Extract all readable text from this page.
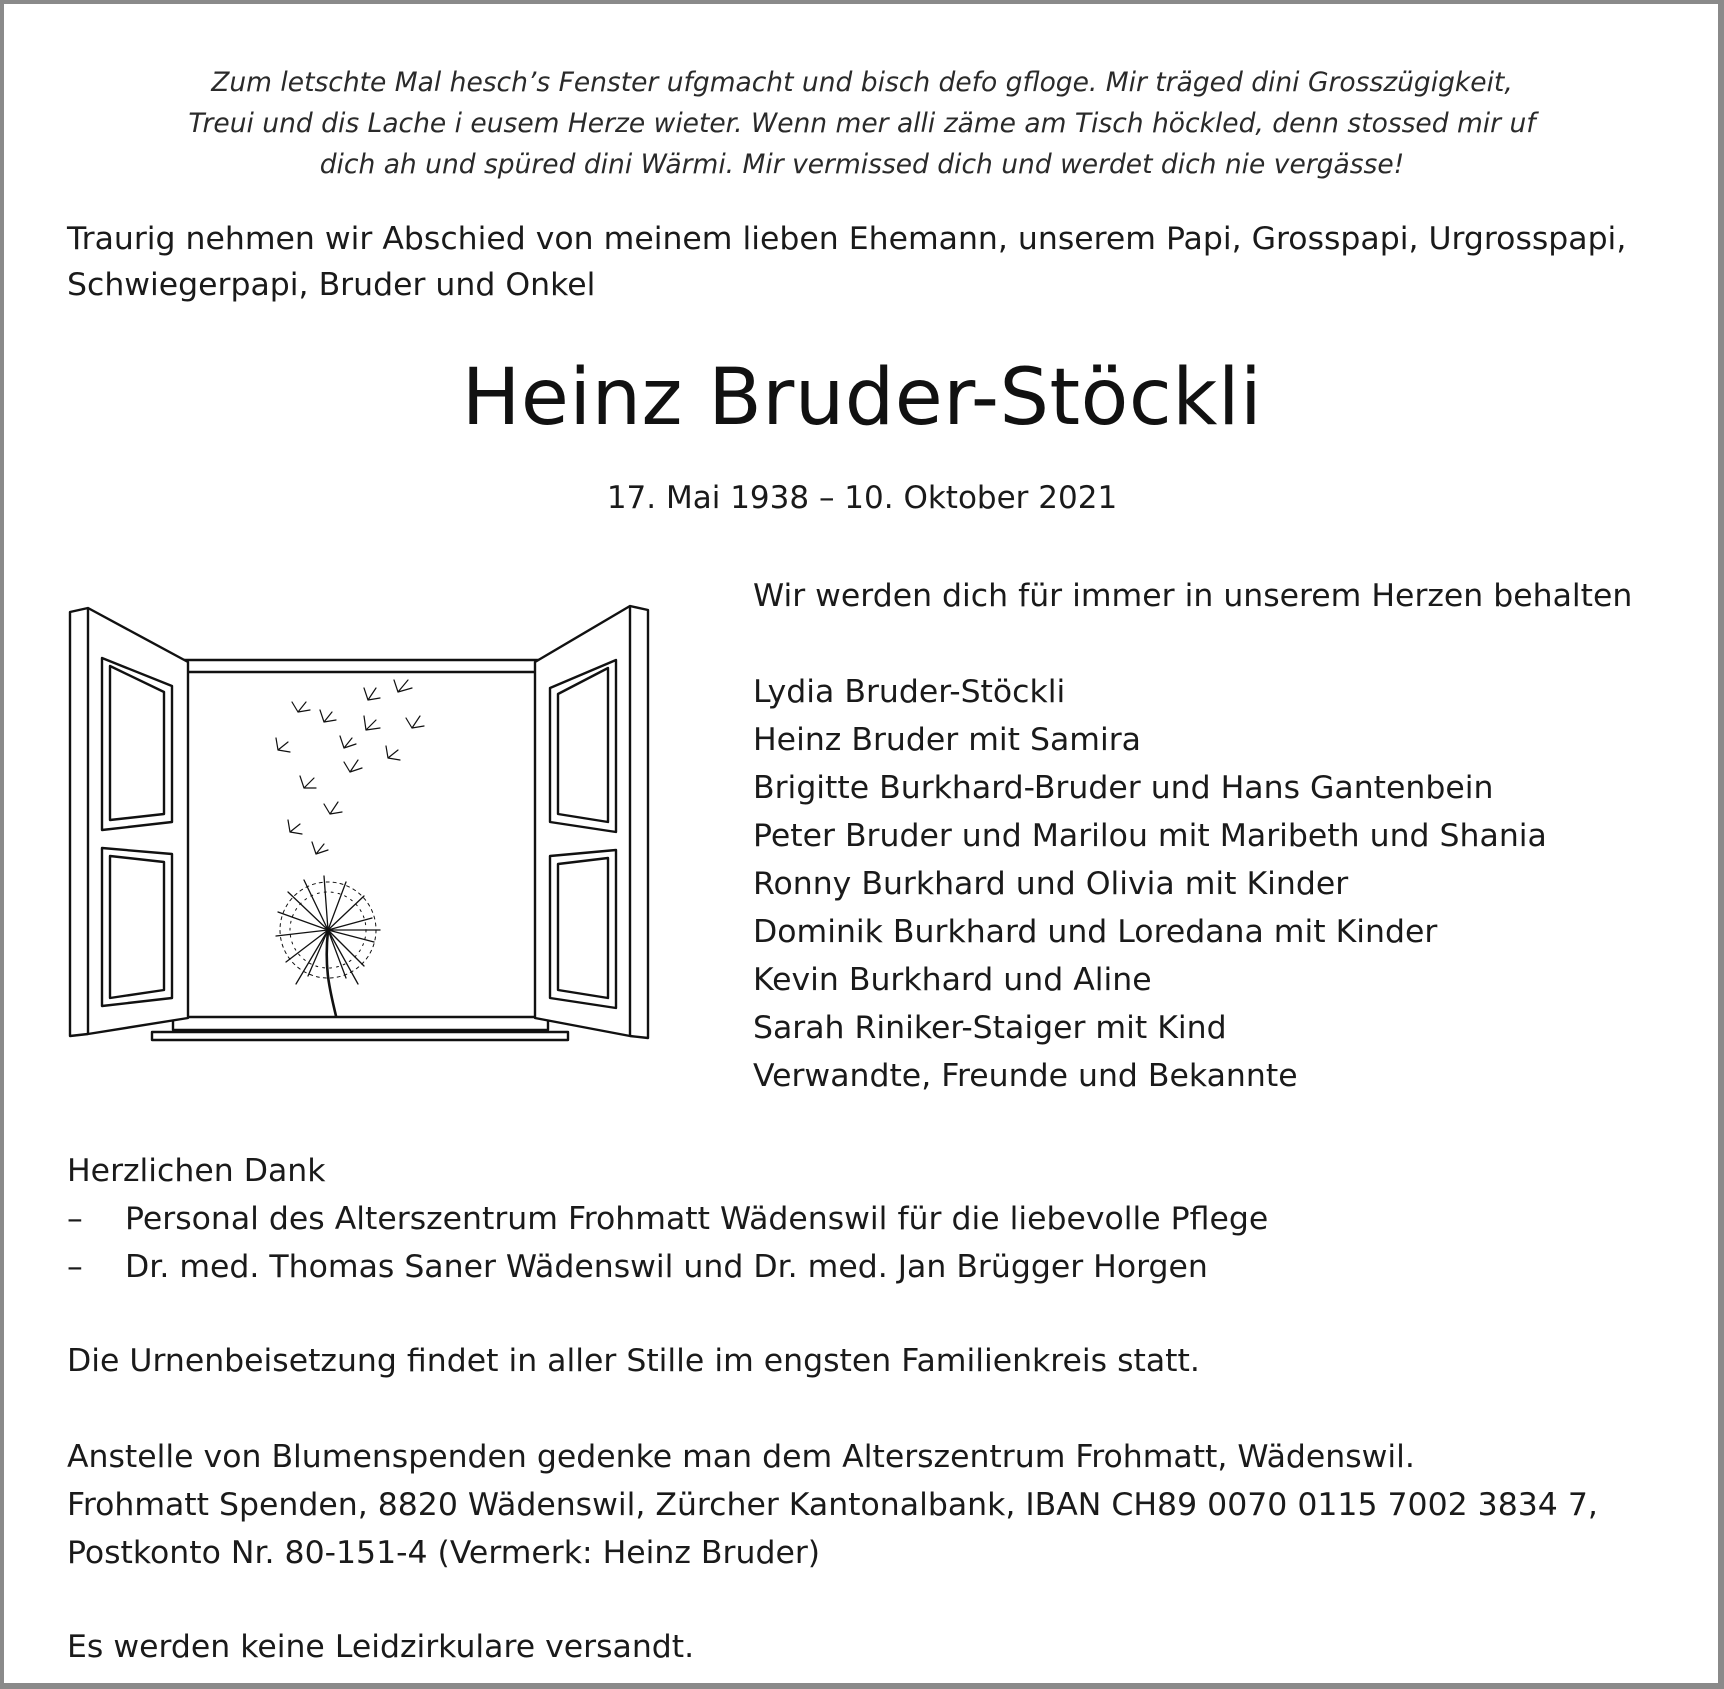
Zum letschte Mal hesch’s Fenster ufgmacht und bisch defo gfloge. Mir träged dini Grosszügigkeit,
Treui und dis Lache i eusem Herze wieter. Wenn mer alli zäme am Tisch höckled, denn stossed mir uf
dich ah und spüred dini Wärmi. Mir vermissed dich und werdet dich nie vergässe!
Traurig nehmen wir Abschied von meinem lieben Ehemann, unserem Papi, Grosspapi, Urgrosspapi,
Schwiegerpapi, Bruder und Onkel
Heinz Bruder-Stöckli
17. Mai 1938 – 10. Oktober 2021
Wir werden dich für immer in unserem Herzen behalten
Lydia Bruder-Stöckli
Heinz Bruder mit Samira
Brigitte Burkhard-Bruder und Hans Gantenbein
Peter Bruder und Marilou mit Maribeth und Shania
Ronny Burkhard und Olivia mit Kinder
Dominik Burkhard und Loredana mit Kinder
Kevin Burkhard und Aline
Sarah Riniker-Staiger mit Kind
Verwandte, Freunde und Bekannte
Herzlichen Dank
– Personal des Alterszentrum Frohmatt Wädenswil für die liebevolle Pflege
– Dr. med. Thomas Saner Wädenswil und Dr. med. Jan Brügger Horgen
Die Urnenbeisetzung findet in aller Stille im engsten Familienkreis statt.
Anstelle von Blumenspenden gedenke man dem Alterszentrum Frohmatt, Wädenswil.
Frohmatt Spenden, 8820 Wädenswil, Zürcher Kantonalbank, IBAN CH89 0070 0115 7002 3834 7,
Postkonto Nr. 80-151-4 (Vermerk: Heinz Bruder)
Es werden keine Leidzirkulare versandt.
